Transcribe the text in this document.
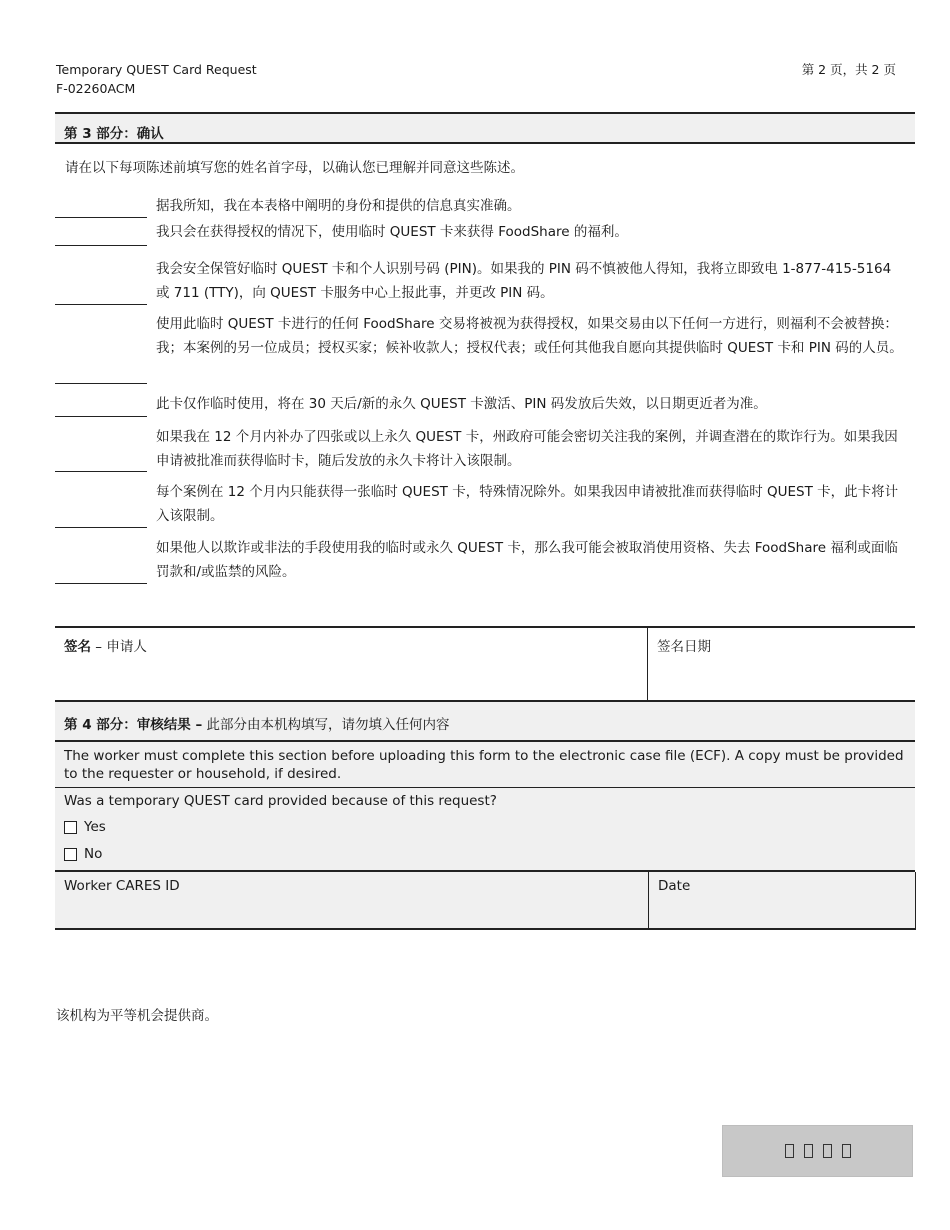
Temporary QUEST Card Request
F-02260ACM
第 2 页，共 2 页
第 3 部分：确认
请在以下每项陈述前填写您的姓名首字母，以确认您已理解并同意这些陈述。
据我所知，我在本表格中阐明的身份和提供的信息真实准确。
我只会在获得授权的情况下，使用临时 QUEST 卡来获得 FoodShare 的福利。
我会安全保管好临时 QUEST 卡和个人识别号码 (PIN)。如果我的 PIN 码不慎被他人得知，我将立即致电 1-877-415-5164 或 711 (TTY)，向 QUEST 卡服务中心上报此事，并更改 PIN 码。
使用此临时 QUEST 卡进行的任何 FoodShare 交易将被视为获得授权，如果交易由以下任何一方进行，则福利不会被替换：我；本案例的另一位成员；授权买家；候补收款人；授权代表；或任何其他我自愿向其提供临时 QUEST 卡和 PIN 码的人员。
此卡仅作临时使用，将在 30 天后/新的永久 QUEST 卡激活、PIN 码发放后失效，以日期更近者为准。
如果我在 12 个月内补办了四张或以上永久 QUEST 卡，州政府可能会密切关注我的案例，并调查潜在的欺诈行为。如果我因申请被批准而获得临时卡，随后发放的永久卡将计入该限制。
每个案例在 12 个月内只能获得一张临时 QUEST 卡，特殊情况除外。如果我因申请被批准而获得临时 QUEST 卡，此卡将计入该限制。
如果他人以欺诈或非法的手段使用我的临时或永久 QUEST 卡，那么我可能会被取消使用资格、失去 FoodShare 福利或面临罚款和/或监禁的风险。
签名 – 申请人	签名日期
第 4 部分：审核结果 – 此部分由本机构填写，请勿填入任何内容
The worker must complete this section before uploading this form to the electronic case file (ECF). A copy must be provided to the requester or household, if desired.
Was a temporary QUEST card provided because of this request?
Yes
No
Worker CARES ID	Date
该机构为平等机会提供商。
